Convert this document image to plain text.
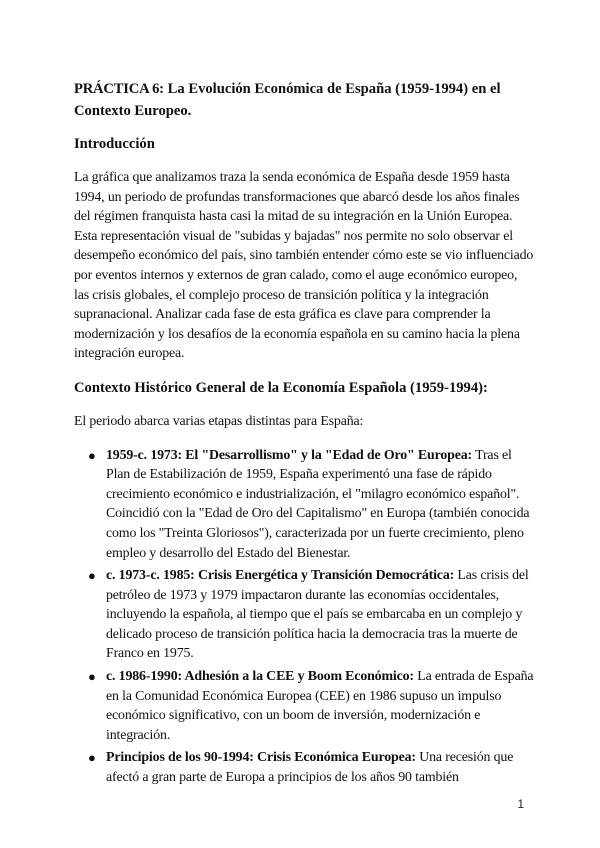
PRÁCTICA 6: La Evolución Económica de España (1959-1994) en el Contexto Europeo.

Introducción

La gráfica que analizamos traza la senda económica de España desde 1959 hasta 1994, un periodo de profundas transformaciones que abarcó desde los años finales del régimen franquista hasta casi la mitad de su integración en la Unión Europea. Esta representación visual de "subidas y bajadas" nos permite no solo observar el desempeño económico del país, sino también entender cómo este se vio influenciado por eventos internos y externos de gran calado, como el auge económico europeo, las crisis globales, el complejo proceso de transición política y la integración supranacional. Analizar cada fase de esta gráfica es clave para comprender la modernización y los desafíos de la economía española en su camino hacia la plena integración europea.

Contexto Histórico General de la Economía Española (1959-1994):

El periodo abarca varias etapas distintas para España:

● 1959-c. 1973: El "Desarrollismo" y la "Edad de Oro" Europea: Tras el Plan de Estabilización de 1959, España experimentó una fase de rápido crecimiento económico e industrialización, el "milagro económico español". Coincidió con la "Edad de Oro del Capitalismo" en Europa (también conocida como los "Treinta Gloriosos"), caracterizada por un fuerte crecimiento, pleno empleo y desarrollo del Estado del Bienestar.
● c. 1973-c. 1985: Crisis Energética y Transición Democrática: Las crisis del petróleo de 1973 y 1979 impactaron durante las economías occidentales, incluyendo la española, al tiempo que el país se embarcaba en un complejo y delicado proceso de transición política hacia la democracia tras la muerte de Franco en 1975.
● c. 1986-1990: Adhesión a la CEE y Boom Económico: La entrada de España en la Comunidad Económica Europea (CEE) en 1986 supuso un impulso económico significativo, con un boom de inversión, modernización e integración.
● Principios de los 90-1994: Crisis Económica Europea: Una recesión que afectó a gran parte de Europa a principios de los años 90 también
1
